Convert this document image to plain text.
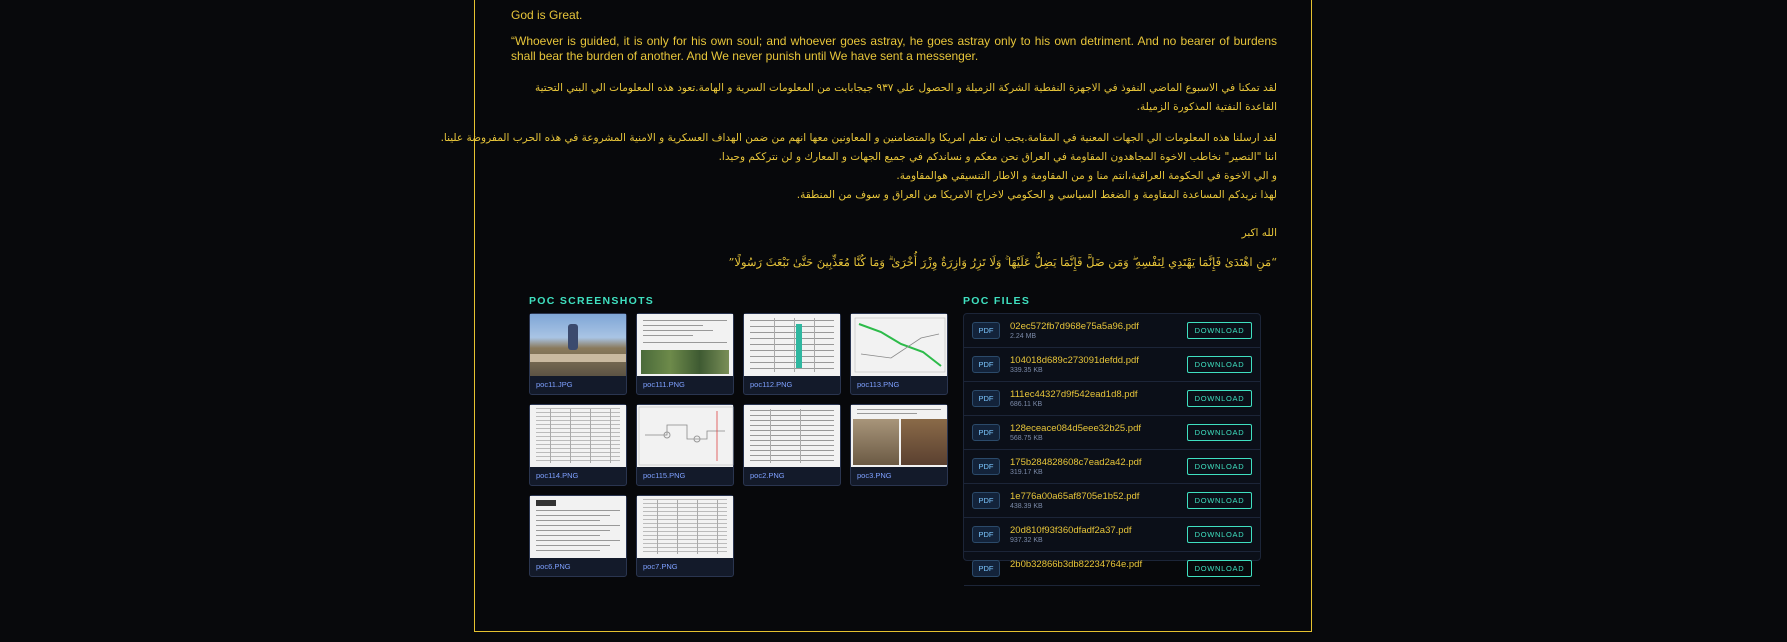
God is Great.

“Whoever is guided, it is only for his own soul; and whoever goes astray, he goes astray only to his own detriment. And no bearer of burdens shall bear the burden of another. And We never punish until We have sent a messenger.

لقد تمكنا في الاسبوع الماضي النفوذ في الاجهزة النفطية الشركة الزميلة و الحصول علي ٩٣٧ جيجابايت من المعلومات السرية و الهامة.تعود هذه المعلومات الي البني التحتية القاعدة النفتية المذكورة الزميلة.

لقد ارسلنا هذه المعلومات الي الجهات المعنية في المقامة.يجب ان تعلم امريكا والمتضامنين و المعاونين معها انهم من ضمن الهداف العسكرية و الامنية المشروعة في هذه الحرب المفروضة علينا.

اننا "النصير" نخاطب الاخوة المجاهدون المقاومة في العراق نحن معكم و نساندكم في جميع الجهات و المعارك و لن نترككم وحيدا.

و الي الاخوة في الحكومة العراقية،انتم منا و من المقاومة و الاطار التنسيقي هوالمقاومة.

لهذا نريدكم المساعدة المقاومة و الضغط السياسي و الحكومي لاخراج الامريكا من العراق و سوف من المنطقة.

الله اكبر

“مَنِ اهْتَدَىٰ فَإِنَّمَا يَهْتَدِي لِنَفْسِهِ ۖ وَمَن ضَلَّ فَإِنَّمَا يَضِلُّ عَلَيْهَا ۚ وَلَا تَزِرُ وَازِرَةٌ وِزْرَ أُخْرَىٰ ۗ وَمَا كُنَّا مُعَذِّبِينَ حَتَّىٰ نَبْعَثَ رَسُولًا”

POC SCREENSHOTS	POC FILES
poc11.JPG	poc111.PNG	poc112.PNG	poc113.PNG
poc114.PNG	poc115.PNG	poc2.PNG	poc3.PNG
poc6.PNG	poc7.PNG
PDF	02ec572fb7d968e75a5a96.pdf
2.24 MB
DOWNLOAD
PDF	104018d689c273091defdd.pdf
339.35 KB
DOWNLOAD
PDF	111ec44327d9f542ead1d8.pdf
686.11 KB
DOWNLOAD
PDF	128eceace084d5eee32b25.pdf
568.75 KB
DOWNLOAD
PDF	175b284828608c7ead2a42.pdf
319.17 KB
DOWNLOAD
PDF	1e776a00a65af8705e1b52.pdf
438.39 KB
DOWNLOAD
PDF	20d810f93f360dfadf2a37.pdf
937.32 KB
DOWNLOAD
PDF	2b0b32866b3db82234764e.pdf	DOWNLOAD
